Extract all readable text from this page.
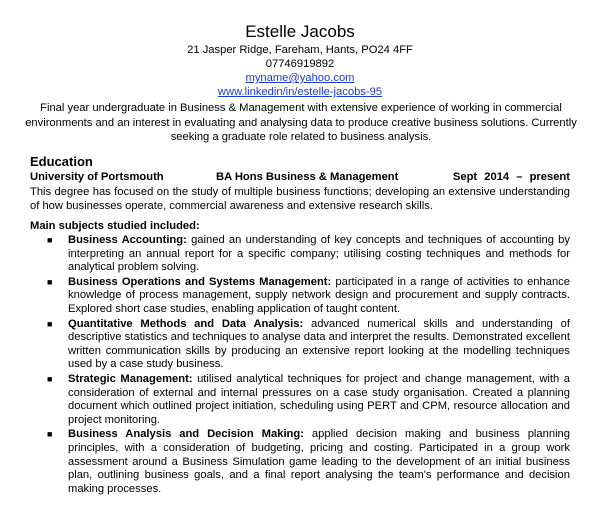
Estelle Jacobs
21 Jasper Ridge, Fareham, Hants, PO24 4FF
07746919892
myname@yahoo.com
www.linkedin/in/estelle-jacobs-95
Final year undergraduate in Business & Management with extensive experience of working in commercial environments and an interest in evaluating and analysing data to produce creative business solutions. Currently seeking a graduate role related to business analysis.
Education
University of Portsmouth	BA Hons Business & Management	Sept 2014 – present
This degree has focused on the study of multiple business functions; developing an extensive understanding of how businesses operate, commercial awareness and extensive research skills.
Main subjects studied included:
■ Business Accounting: gained an understanding of key concepts and techniques of accounting by interpreting an annual report for a specific company; utilising costing techniques and methods for analytical problem solving.
■ Business Operations and Systems Management: participated in a range of activities to enhance knowledge of process management, supply network design and procurement and supply contracts. Explored short case studies, enabling application of taught content.
■ Quantitative Methods and Data Analysis: advanced numerical skills and understanding of descriptive statistics and techniques to analyse data and interpret the results. Demonstrated excellent written communication skills by producing an extensive report looking at the modelling techniques used by a case study business.
■ Strategic Management: utilised analytical techniques for project and change management, with a consideration of external and internal pressures on a case study organisation. Created a planning document which outlined project initiation, scheduling using PERT and CPM, resource allocation and project monitoring.
■ Business Analysis and Decision Making: applied decision making and business planning principles, with a consideration of budgeting, pricing and costing. Participated in a group work assessment around a Business Simulation game leading to the development of an initial business plan, outlining business goals, and a final report analysing the team's performance and decision making processes.
